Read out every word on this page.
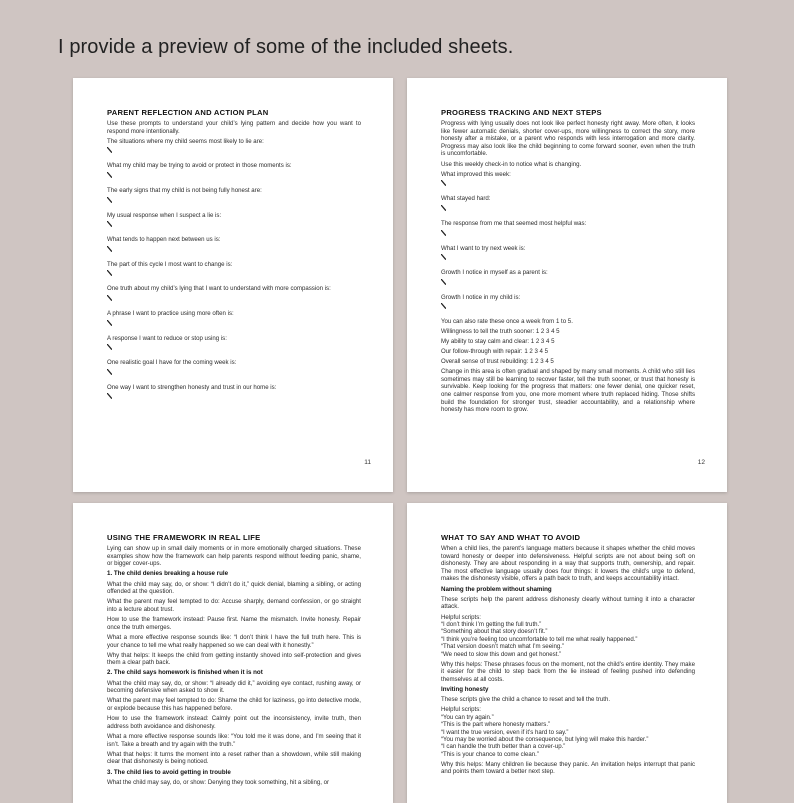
I provide a preview of some of the included sheets.
PARENT REFLECTION AND ACTION PLAN
Use these prompts to understand your child’s lying pattern and decide how you want to respond more intentionally.
The situations where my child seems most likely to lie are:
What my child may be trying to avoid or protect in those moments is:
The early signs that my child is not being fully honest are:
My usual response when I suspect a lie is:
What tends to happen next between us is:
The part of this cycle I most want to change is:
One truth about my child’s lying that I want to understand with more compassion is:
A phrase I want to practice using more often is:
A response I want to reduce or stop using is:
One realistic goal I have for the coming week is:
One way I want to strengthen honesty and trust in our home is:
11
PROGRESS TRACKING AND NEXT STEPS
Progress with lying usually does not look like perfect honesty right away. More often, it looks like fewer automatic denials, shorter cover-ups, more willingness to correct the story, more honesty after a mistake, or a parent who responds with less interrogation and more clarity. Progress may also look like the child beginning to come forward sooner, even when the truth is uncomfortable.
Use this weekly check-in to notice what is changing.
What improved this week:
What stayed hard:
The response from me that seemed most helpful was:
What I want to try next week is:
Growth I notice in myself as a parent is:
Growth I notice in my child is:
You can also rate these once a week from 1 to 5.
Willingness to tell the truth sooner: 1 2 3 4 5
My ability to stay calm and clear: 1 2 3 4 5
Our follow-through with repair: 1 2 3 4 5
Overall sense of trust rebuilding: 1 2 3 4 5
Change in this area is often gradual and shaped by many small moments. A child who still lies sometimes may still be learning to recover faster, tell the truth sooner, or trust that honesty is survivable. Keep looking for the progress that matters: one fewer denial, one quicker reset, one calmer response from you, one more moment where truth replaced hiding. Those shifts build the foundation for stronger trust, steadier accountability, and a relationship where honesty has more room to grow.
12
USING THE FRAMEWORK IN REAL LIFE
Lying can show up in small daily moments or in more emotionally charged situations. These examples show how the framework can help parents respond without feeding panic, shame, or bigger cover-ups.
1. The child denies breaking a house rule
What the child may say, do, or show: “I didn’t do it,” quick denial, blaming a sibling, or acting offended at the question.
What the parent may feel tempted to do: Accuse sharply, demand confession, or go straight into a lecture about trust.
How to use the framework instead: Pause first. Name the mismatch. Invite honesty. Repair once the truth emerges.
What a more effective response sounds like: “I don’t think I have the full truth here. This is your chance to tell me what really happened so we can deal with it honestly.”
Why that helps: It keeps the child from getting instantly shoved into self-protection and gives them a clear path back.
2. The child says homework is finished when it is not
What the child may say, do, or show: “I already did it,” avoiding eye contact, rushing away, or becoming defensive when asked to show it.
What the parent may feel tempted to do: Shame the child for laziness, go into detective mode, or explode because this has happened before.
How to use the framework instead: Calmly point out the inconsistency, invite truth, then address both avoidance and dishonesty.
What a more effective response sounds like: “You told me it was done, and I’m seeing that it isn’t. Take a breath and try again with the truth.”
What that helps: It turns the moment into a reset rather than a showdown, while still making clear that dishonesty is being noticed.
3. The child lies to avoid getting in trouble
What the child may say, do, or show: Denying they took something, hit a sibling, or
WHAT TO SAY AND WHAT TO AVOID
When a child lies, the parent’s language matters because it shapes whether the child moves toward honesty or deeper into defensiveness. Helpful scripts are not about being soft on dishonesty. They are about responding in a way that supports truth, ownership, and repair. The most effective language usually does four things: it lowers the child’s urge to defend, makes the dishonesty visible, offers a path back to truth, and keeps accountability intact.
Naming the problem without shaming
These scripts help the parent address dishonesty clearly without turning it into a character attack.
Helpful scripts:
“I don’t think I’m getting the full truth.”
“Something about that story doesn’t fit.”
“I think you’re feeling too uncomfortable to tell me what really happened.”
“That version doesn’t match what I’m seeing.”
“We need to slow this down and get honest.”
Why this helps: These phrases focus on the moment, not the child’s entire identity. They make it easier for the child to step back from the lie instead of feeling pushed into defending themselves at all costs.
Inviting honesty
These scripts give the child a chance to reset and tell the truth.
Helpful scripts:
“You can try again.”
“This is the part where honesty matters.”
“I want the true version, even if it’s hard to say.”
“You may be worried about the consequence, but lying will make this harder.”
“I can handle the truth better than a cover-up.”
“This is your chance to come clean.”
Why this helps: Many children lie because they panic. An invitation helps interrupt that panic and points them toward a better next step.
